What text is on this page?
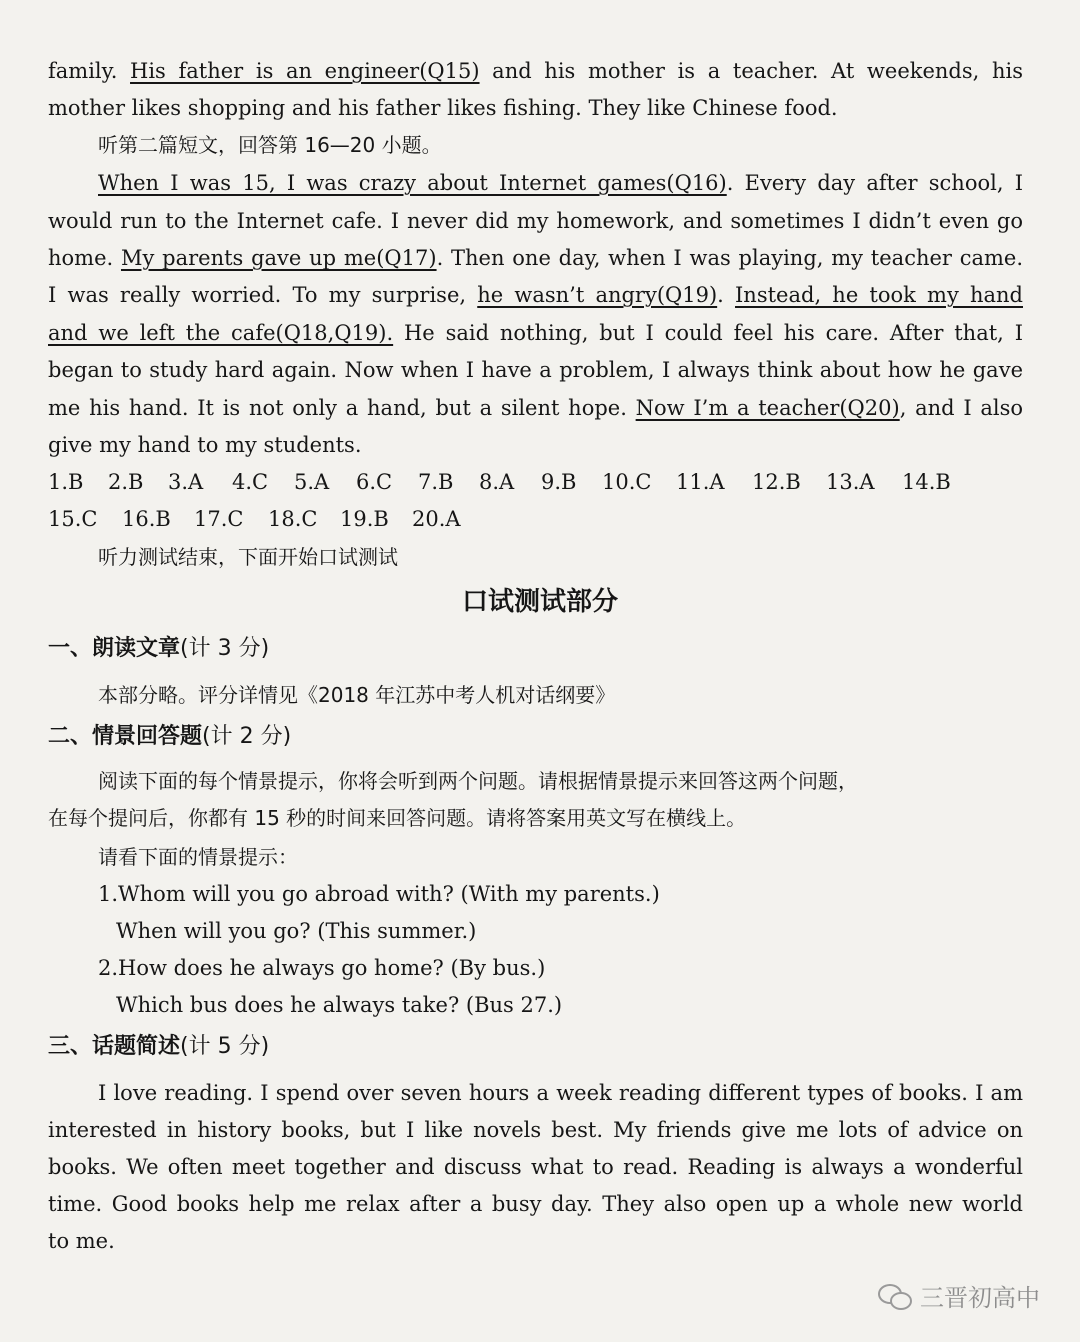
family. His father is an engineer(Q15) and his mother is a teacher. At weekends, his
mother likes shopping and his father likes fishing. They like Chinese food.
听第二篇短文，回答第 16—20 小题。
When I was 15, I was crazy about Internet games(Q16). Every day after school, I
would run to the Internet cafe. I never did my homework, and sometimes I didn’t even go
home. My parents gave up me(Q17). Then one day, when I was playing, my teacher came.
I was really worried. To my surprise, he wasn’t angry(Q19). Instead, he took my hand
and we left the cafe(Q18,Q19). He said nothing, but I could feel his care. After that, I
began to study hard again. Now when I have a problem, I always think about how he gave
me his hand. It is not only a hand, but a silent hope. Now I’m a teacher(Q20), and I also
give my hand to my students.
1.B 2.B 3.A 4.C 5.A 6.C 7.B 8.A 9.B 10.C 11.A 12.B 13.A 14.B
15.C 16.B 17.C 18.C 19.B 20.A
听力测试结束，下面开始口试测试
口试测试部分
一、朗读文章(计 3 分)
本部分略。评分详情见《2018 年江苏中考人机对话纲要》
二、情景回答题(计 2 分)
阅读下面的每个情景提示，你将会听到两个问题。请根据情景提示来回答这两个问题，
在每个提问后，你都有 15 秒的时间来回答问题。请将答案用英文写在横线上。
请看下面的情景提示：
1.Whom will you go abroad with? (With my parents.)
When will you go? (This summer.)
2.How does he always go home? (By bus.)
Which bus does he always take? (Bus 27.)
三、话题简述(计 5 分)
I love reading. I spend over seven hours a week reading different types of books. I am
interested in history books, but I like novels best. My friends give me lots of advice on
books. We often meet together and discuss what to read. Reading is always a wonderful
time. Good books help me relax after a busy day. They also open up a whole new world
to me.
三晋初高中
